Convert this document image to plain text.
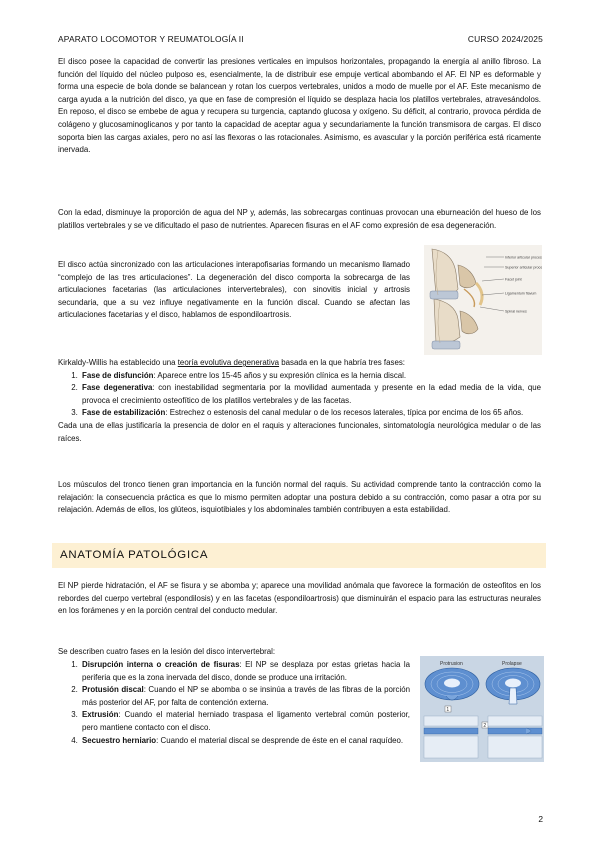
APARATO LOCOMOTOR Y REUMATOLOGÍA II	CURSO 2024/2025

El disco posee la capacidad de convertir las presiones verticales en impulsos horizontales, propagando la energía al anillo fibroso. La función del líquido del núcleo pulposo es, esencialmente, la de distribuir ese empuje vertical abombando el AF. El NP es deformable y forma una especie de bola donde se balancean y rotan los cuerpos vertebrales, unidos a modo de muelle por el AF. Este mecanismo de carga ayuda a la nutrición del disco, ya que en fase de compresión el líquido se desplaza hacia los platillos vertebrales, atravesándolos. En reposo, el disco se embebe de agua y recupera su turgencia, captando glucosa y oxígeno. Su déficit, al contrario, provoca pérdida de colágeno y glucosaminoglicanos y por tanto la capacidad de aceptar agua y secundariamente la función transmisora de cargas. El disco soporta bien las cargas axiales, pero no así las flexoras o las rotacionales. Asimismo, es avascular y la porción periférica está ricamente inervada.

Con la edad, disminuye la proporción de agua del NP y, además, las sobrecargas continuas provocan una eburneación del hueso de los platillos vertebrales y se ve dificultado el paso de nutrientes. Aparecen fisuras en el AF como expresión de esa degeneración.

El disco actúa sincronizado con las articulaciones interapofisarias formando un mecanismo llamado “complejo de las tres articulaciones”. La degeneración del disco comporta la sobrecarga de las articulaciones facetarias (las articulaciones intervertebrales), con sinovitis inicial y artrosis secundaria, que a su vez influye negativamente en la función discal. Cuando se afectan las articulaciones facetarias y el disco, hablamos de espondiloartrosis.

Inferior articular process
Superior articular process
Facet joint
Ligamentum flavum
Spinal nerves

Kirkaldy-Willis ha establecido una teoría evolutiva degenerativa basada en la que habría tres fases:

1. Fase de disfunción: Aparece entre los 15-45 años y su expresión clínica es la hernia discal.
2. Fase degenerativa: con inestabilidad segmentaria por la movilidad aumentada y presente en la edad media de la vida, que provoca el crecimiento osteofítico de los platillos vertebrales y de las facetas.
3. Fase de estabilización: Estrechez o estenosis del canal medular o de los recesos laterales, típica por encima de los 65 años.

Cada una de ellas justificaría la presencia de dolor en el raquis y alteraciones funcionales, sintomatología neurológica medular o de las raíces.

Los músculos del tronco tienen gran importancia en la función normal del raquis. Su actividad comprende tanto la contracción como la relajación: la consecuencia práctica es que lo mismo permiten adoptar una postura debido a su contracción, como pasar a otra por su relajación. Además de ellos, los glúteos, isquiotibiales y los abdominales también contribuyen a esta estabilidad.

ANATOMÍA PATOLÓGICA

El NP pierde hidratación, el AF se fisura y se abomba y; aparece una movilidad anómala que favorece la formación de osteofitos en los rebordes del cuerpo vertebral (espondilosis) y en las facetas (espondiloartrosis) que disminuirán el espacio para las estructuras neurales en los forámenes y en la porción central del conducto medular.

Se describen cuatro fases en la lesión del disco intervertebral:

1. Disrupción interna o creación de fisuras: El NP se desplaza por estas grietas hacia la periferia que es la zona inervada del disco, donde se produce una irritación.
2. Protusión discal: Cuando el NP se abomba o se insinúa a través de las fibras de la porción más posterior del AF, por falta de contención externa.
3. Extrusión: Cuando el material herniado traspasa el ligamento vertebral común posterior, pero mantiene contacto con el disco.
4. Secuestro herniario: Cuando el material discal se desprende de éste en el canal raquídeo.
Protrusion	Prolapse
1
2
2
